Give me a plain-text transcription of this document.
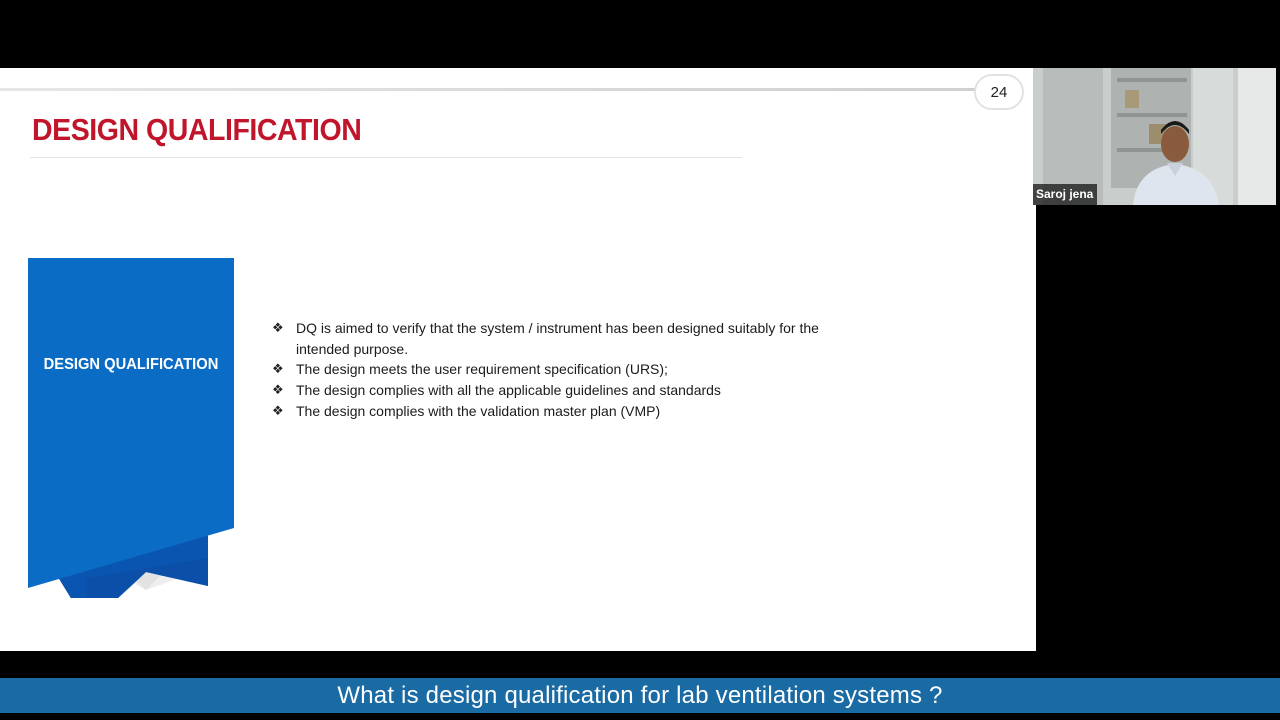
24
DESIGN QUALIFICATION
DESIGN QUALIFICATION
❖ DQ is aimed to verify that the system / instrument has been designed suitably for the intended purpose.
❖ The design meets the user requirement specification (URS);
❖ The design complies with all the applicable guidelines and standards
❖ The design complies with the validation master plan (VMP)
Saroj jena
What is design qualification for lab ventilation systems ?
